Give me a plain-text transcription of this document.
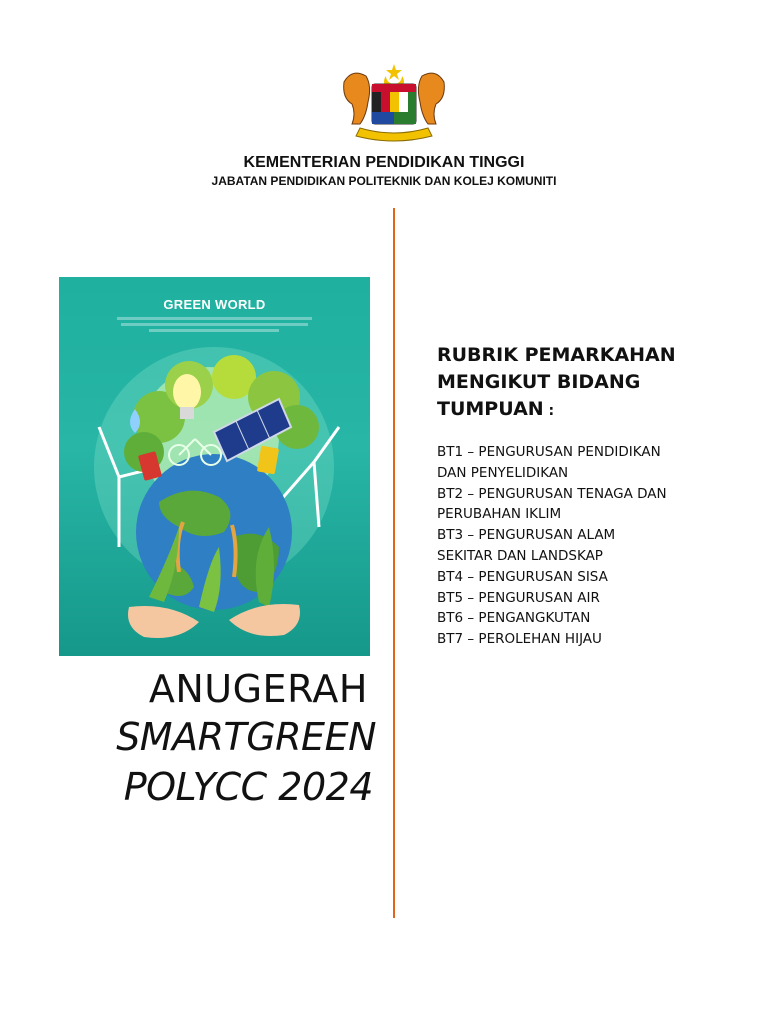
KEMENTERIAN PENDIDIKAN TINGGI
JABATAN PENDIDIKAN POLITEKNIK DAN KOLEJ KOMUNITI
GREEN WORLD
ANUGERAH
SMARTGREEN
POLYCC 2024
RUBRIK PEMARKAHAN
MENGIKUT BIDANG
TUMPUAN :
BT1 – PENGURUSAN PENDIDIKAN
DAN PENYELIDIKAN
BT2 – PENGURUSAN TENAGA DAN
PERUBAHAN IKLIM
BT3 – PENGURUSAN ALAM
SEKITAR DAN LANDSKAP
BT4 – PENGURUSAN SISA
BT5 – PENGURUSAN AIR
BT6 – PENGANGKUTAN
BT7 – PEROLEHAN HIJAU
